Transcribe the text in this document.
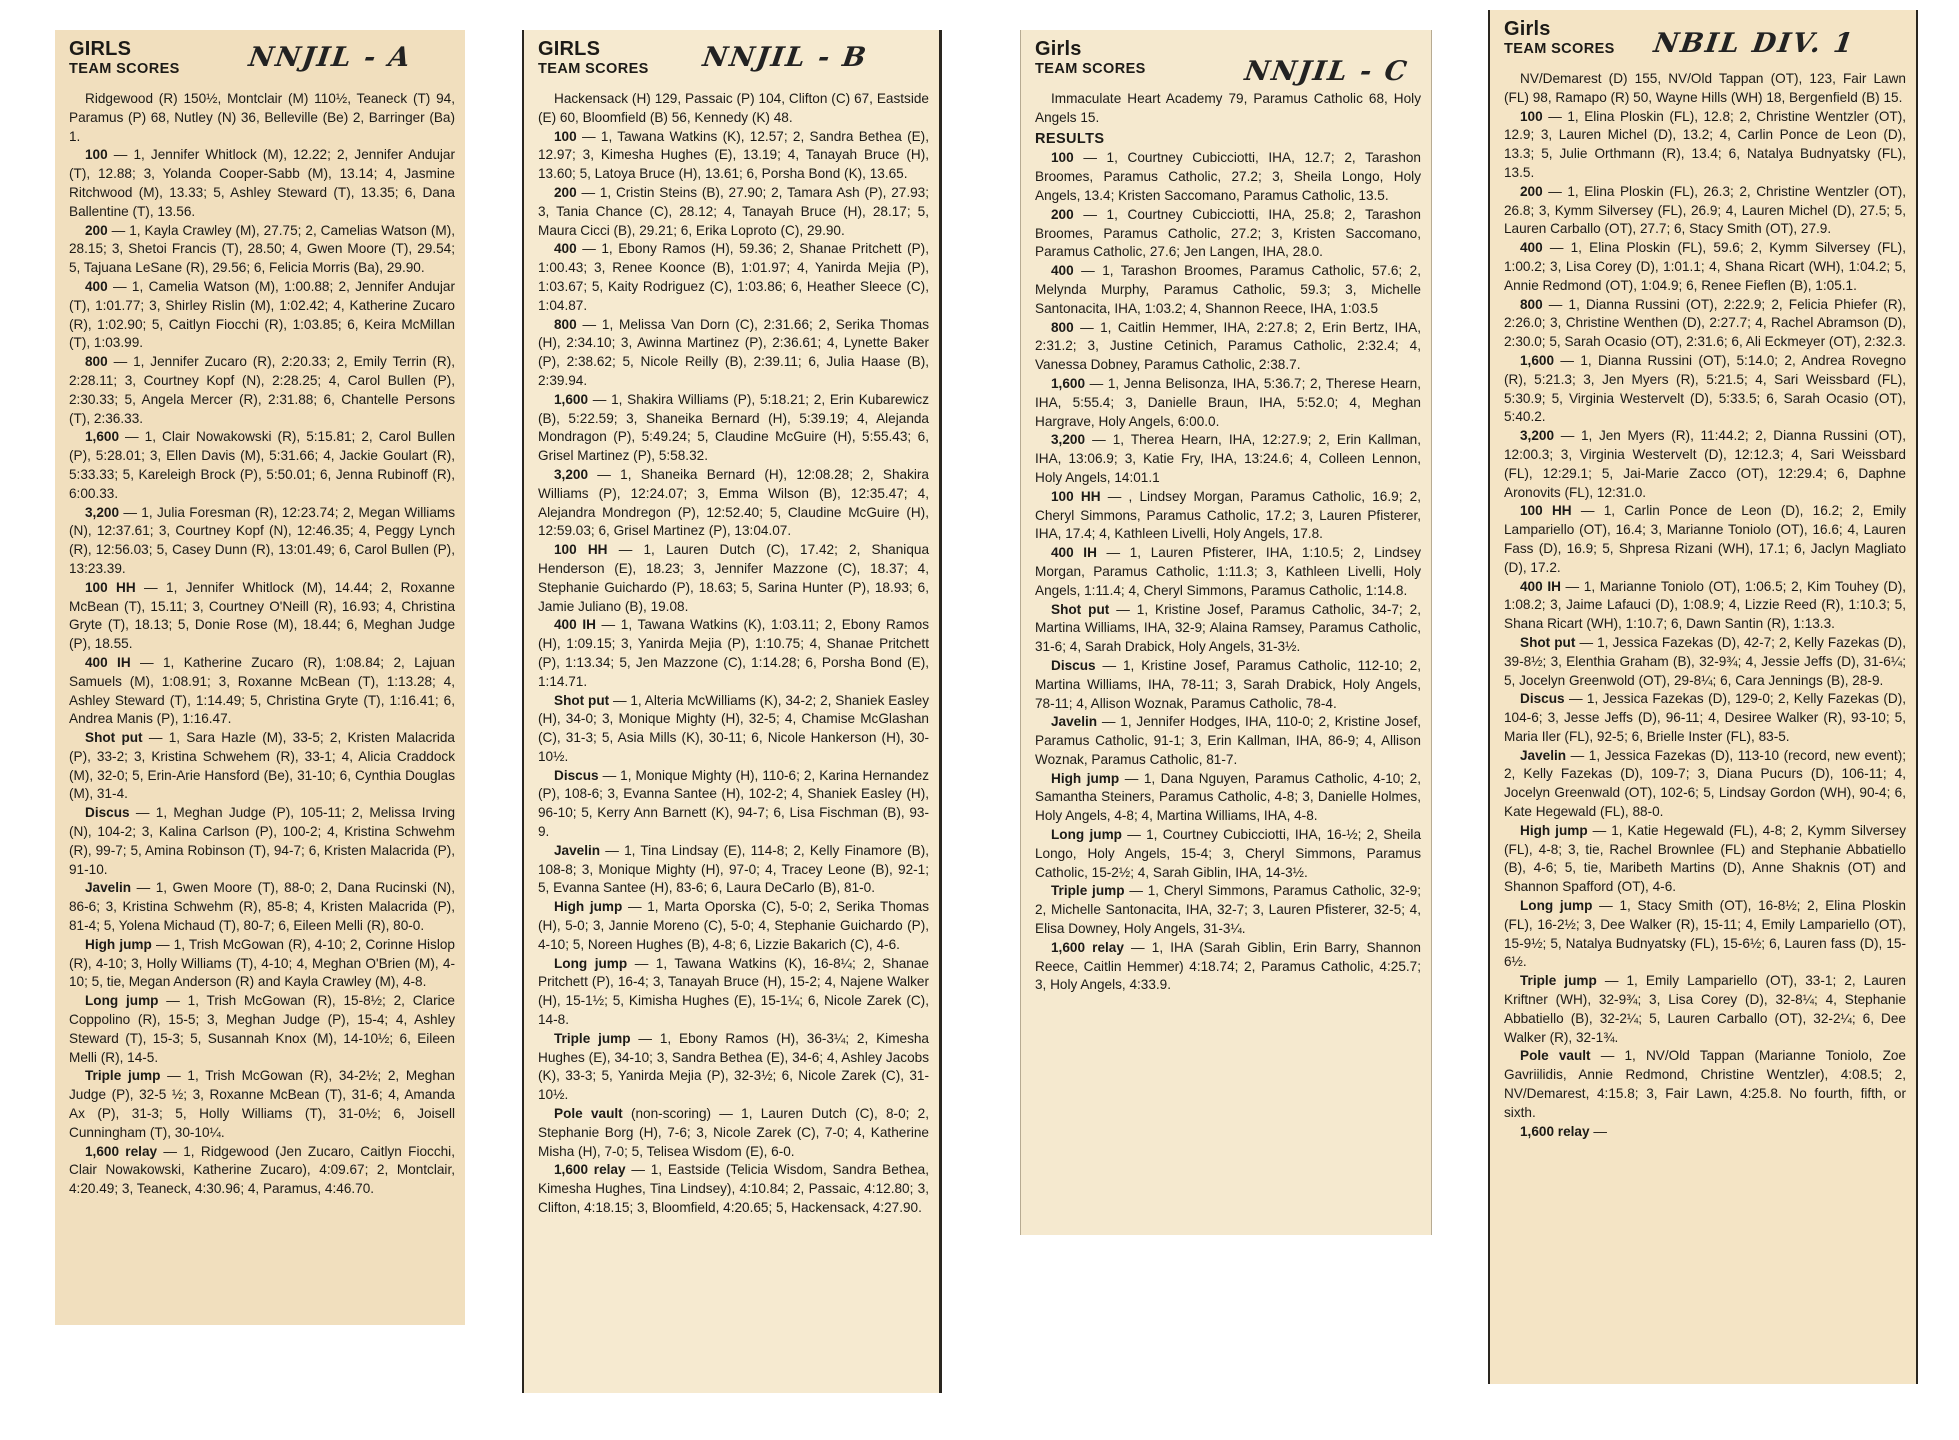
GIRLS
TEAM SCORES	NNJIL - A

Ridgewood (R) 150½, Montclair (M) 110½, Teaneck (T) 94, Paramus (P) 68, Nutley (N) 36, Belleville (Be) 2, Barringer (Ba) 1.

100 — 1, Jennifer Whitlock (M), 12.22; 2, Jennifer Andujar (T), 12.88; 3, Yolanda Cooper-Sabb (M), 13.14; 4, Jasmine Ritchwood (M), 13.33; 5, Ashley Steward (T), 13.35; 6, Dana Ballentine (T), 13.56.

200 — 1, Kayla Crawley (M), 27.75; 2, Camelias Watson (M), 28.15; 3, Shetoi Francis (T), 28.50; 4, Gwen Moore (T), 29.54; 5, Tajuana LeSane (R), 29.56; 6, Felicia Morris (Ba), 29.90.

400 — 1, Camelia Watson (M), 1:00.88; 2, Jennifer Andujar (T), 1:01.77; 3, Shirley Rislin (M), 1:02.42; 4, Katherine Zucaro (R), 1:02.90; 5, Caitlyn Fiocchi (R), 1:03.85; 6, Keira McMillan (T), 1:03.99.

800 — 1, Jennifer Zucaro (R), 2:20.33; 2, Emily Terrin (R), 2:28.11; 3, Courtney Kopf (N), 2:28.25; 4, Carol Bullen (P), 2:30.33; 5, Angela Mercer (R), 2:31.88; 6, Chantelle Persons (T), 2:36.33.

1,600 — 1, Clair Nowakowski (R), 5:15.81; 2, Carol Bullen (P), 5:28.01; 3, Ellen Davis (M), 5:31.66; 4, Jackie Goulart (R), 5:33.33; 5, Kareleigh Brock (P), 5:50.01; 6, Jenna Rubinoff (R), 6:00.33.

3,200 — 1, Julia Foresman (R), 12:23.74; 2, Megan Williams (N), 12:37.61; 3, Courtney Kopf (N), 12:46.35; 4, Peggy Lynch (R), 12:56.03; 5, Casey Dunn (R), 13:01.49; 6, Carol Bullen (P), 13:23.39.

100 HH — 1, Jennifer Whitlock (M), 14.44; 2, Roxanne McBean (T), 15.11; 3, Courtney O'Neill (R), 16.93; 4, Christina Gryte (T), 18.13; 5, Donie Rose (M), 18.44; 6, Meghan Judge (P), 18.55.

400 IH — 1, Katherine Zucaro (R), 1:08.84; 2, Lajuan Samuels (M), 1:08.91; 3, Roxanne McBean (T), 1:13.28; 4, Ashley Steward (T), 1:14.49; 5, Christina Gryte (T), 1:16.41; 6, Andrea Manis (P), 1:16.47.

Shot put — 1, Sara Hazle (M), 33-5; 2, Kristen Malacrida (P), 33-2; 3, Kristina Schwehem (R), 33-1; 4, Alicia Craddock (M), 32-0; 5, Erin-Arie Hansford (Be), 31-10; 6, Cynthia Douglas (M), 31-4.

Discus — 1, Meghan Judge (P), 105-11; 2, Melissa Irving (N), 104-2; 3, Kalina Carlson (P), 100-2; 4, Kristina Schwehm (R), 99-7; 5, Amina Robinson (T), 94-7; 6, Kristen Malacrida (P), 91-10.

Javelin — 1, Gwen Moore (T), 88-0; 2, Dana Rucinski (N), 86-6; 3, Kristina Schwehm (R), 85-8; 4, Kristen Malacrida (P), 81-4; 5, Yolena Michaud (T), 80-7; 6, Eileen Melli (R), 80-0.

High jump — 1, Trish McGowan (R), 4-10; 2, Corinne Hislop (R), 4-10; 3, Holly Williams (T), 4-10; 4, Meghan O'Brien (M), 4-10; 5, tie, Megan Anderson (R) and Kayla Crawley (M), 4-8.

Long jump — 1, Trish McGowan (R), 15-8½; 2, Clarice Coppolino (R), 15-5; 3, Meghan Judge (P), 15-4; 4, Ashley Steward (T), 15-3; 5, Susannah Knox (M), 14-10½; 6, Eileen Melli (R), 14-5.

Triple jump — 1, Trish McGowan (R), 34-2½; 2, Meghan Judge (P), 32-5 ½; 3, Roxanne McBean (T), 31-6; 4, Amanda Ax (P), 31-3; 5, Holly Williams (T), 31-0½; 6, Joisell Cunningham (T), 30-10¼.

1,600 relay — 1, Ridgewood (Jen Zucaro, Caitlyn Fiocchi, Clair Nowakowski, Katherine Zucaro), 4:09.67; 2, Montclair, 4:20.49; 3, Teaneck, 4:30.96; 4, Paramus, 4:46.70.

GIRLS
TEAM SCORES	NNJIL - B

Hackensack (H) 129, Passaic (P) 104, Clifton (C) 67, Eastside (E) 60, Bloomfield (B) 56, Kennedy (K) 48.

100 — 1, Tawana Watkins (K), 12.57; 2, Sandra Bethea (E), 12.97; 3, Kimesha Hughes (E), 13.19; 4, Tanayah Bruce (H), 13.60; 5, Latoya Bruce (H), 13.61; 6, Porsha Bond (K), 13.65.

200 — 1, Cristin Steins (B), 27.90; 2, Tamara Ash (P), 27.93; 3, Tania Chance (C), 28.12; 4, Tanayah Bruce (H), 28.17; 5, Maura Cicci (B), 29.21; 6, Erika Loproto (C), 29.90.

400 — 1, Ebony Ramos (H), 59.36; 2, Shanae Pritchett (P), 1:00.43; 3, Renee Koonce (B), 1:01.97; 4, Yanirda Mejia (P), 1:03.67; 5, Kaity Rodriguez (C), 1:03.86; 6, Heather Sleece (C), 1:04.87.

800 — 1, Melissa Van Dorn (C), 2:31.66; 2, Serika Thomas (H), 2:34.10; 3, Awinna Martinez (P), 2:36.61; 4, Lynette Baker (P), 2:38.62; 5, Nicole Reilly (B), 2:39.11; 6, Julia Haase (B), 2:39.94.

1,600 — 1, Shakira Williams (P), 5:18.21; 2, Erin Kubarewicz (B), 5:22.59; 3, Shaneika Bernard (H), 5:39.19; 4, Alejanda Mondragon (P), 5:49.24; 5, Claudine McGuire (H), 5:55.43; 6, Grisel Martinez (P), 5:58.32.

3,200 — 1, Shaneika Bernard (H), 12:08.28; 2, Shakira Williams (P), 12:24.07; 3, Emma Wilson (B), 12:35.47; 4, Alejandra Mondregon (P), 12:52.40; 5, Claudine McGuire (H), 12:59.03; 6, Grisel Martinez (P), 13:04.07.

100 HH — 1, Lauren Dutch (C), 17.42; 2, Shaniqua Henderson (E), 18.23; 3, Jennifer Mazzone (C), 18.37; 4, Stephanie Guichardo (P), 18.63; 5, Sarina Hunter (P), 18.93; 6, Jamie Juliano (B), 19.08.

400 IH — 1, Tawana Watkins (K), 1:03.11; 2, Ebony Ramos (H), 1:09.15; 3, Yanirda Mejia (P), 1:10.75; 4, Shanae Pritchett (P), 1:13.34; 5, Jen Mazzone (C), 1:14.28; 6, Porsha Bond (E), 1:14.71.

Shot put — 1, Alteria McWilliams (K), 34-2; 2, Shaniek Easley (H), 34-0; 3, Monique Mighty (H), 32-5; 4, Chamise McGlashan (C), 31-3; 5, Asia Mills (K), 30-11; 6, Nicole Hankerson (H), 30-10½.

Discus — 1, Monique Mighty (H), 110-6; 2, Karina Hernandez (P), 108-6; 3, Evanna Santee (H), 102-2; 4, Shaniek Easley (H), 96-10; 5, Kerry Ann Barnett (K), 94-7; 6, Lisa Fischman (B), 93-9.

Javelin — 1, Tina Lindsay (E), 114-8; 2, Kelly Finamore (B), 108-8; 3, Monique Mighty (H), 97-0; 4, Tracey Leone (B), 92-1; 5, Evanna Santee (H), 83-6; 6, Laura DeCarlo (B), 81-0.

High jump — 1, Marta Oporska (C), 5-0; 2, Serika Thomas (H), 5-0; 3, Jannie Moreno (C), 5-0; 4, Stephanie Guichardo (P), 4-10; 5, Noreen Hughes (B), 4-8; 6, Lizzie Bakarich (C), 4-6.

Long jump — 1, Tawana Watkins (K), 16-8¼; 2, Shanae Pritchett (P), 16-4; 3, Tanayah Bruce (H), 15-2; 4, Najene Walker (H), 15-1½; 5, Kimisha Hughes (E), 15-1¼; 6, Nicole Zarek (C), 14-8.

Triple jump — 1, Ebony Ramos (H), 36-3¼; 2, Kimesha Hughes (E), 34-10; 3, Sandra Bethea (E), 34-6; 4, Ashley Jacobs (K), 33-3; 5, Yanirda Mejia (P), 32-3½; 6, Nicole Zarek (C), 31-10½.

Pole vault (non-scoring) — 1, Lauren Dutch (C), 8-0; 2, Stephanie Borg (H), 7-6; 3, Nicole Zarek (C), 7-0; 4, Katherine Misha (H), 7-0; 5, Telisea Wisdom (E), 6-0.

1,600 relay — 1, Eastside (Telicia Wisdom, Sandra Bethea, Kimesha Hughes, Tina Lindsey), 4:10.84; 2, Passaic, 4:12.80; 3, Clifton, 4:18.15; 3, Bloomfield, 4:20.65; 5, Hackensack, 4:27.90.

Girls
TEAM SCORES	NNJIL - C

Immaculate Heart Academy 79, Paramus Catholic 68, Holy Angels 15.

RESULTS

100 — 1, Courtney Cubicciotti, IHA, 12.7; 2, Tarashon Broomes, Paramus Catholic, 27.2; 3, Sheila Longo, Holy Angels, 13.4; Kristen Saccomano, Paramus Catholic, 13.5.

200 — 1, Courtney Cubicciotti, IHA, 25.8; 2, Tarashon Broomes, Paramus Catholic, 27.2; 3, Kristen Saccomano, Paramus Catholic, 27.6; Jen Langen, IHA, 28.0.

400 — 1, Tarashon Broomes, Paramus Catholic, 57.6; 2, Melynda Murphy, Paramus Catholic, 59.3; 3, Michelle Santonacita, IHA, 1:03.2; 4, Shannon Reece, IHA, 1:03.5

800 — 1, Caitlin Hemmer, IHA, 2:27.8; 2, Erin Bertz, IHA, 2:31.2; 3, Justine Cetinich, Paramus Catholic, 2:32.4; 4, Vanessa Dobney, Paramus Catholic, 2:38.7.

1,600 — 1, Jenna Belisonza, IHA, 5:36.7; 2, Therese Hearn, IHA, 5:55.4; 3, Danielle Braun, IHA, 5:52.0; 4, Meghan Hargrave, Holy Angels, 6:00.0.

3,200 — 1, Therea Hearn, IHA, 12:27.9; 2, Erin Kallman, IHA, 13:06.9; 3, Katie Fry, IHA, 13:24.6; 4, Colleen Lennon, Holy Angels, 14:01.1

100 HH — , Lindsey Morgan, Paramus Catholic, 16.9; 2, Cheryl Simmons, Paramus Catholic, 17.2; 3, Lauren Pfisterer, IHA, 17.4; 4, Kathleen Livelli, Holy Angels, 17.8.

400 IH — 1, Lauren Pfisterer, IHA, 1:10.5; 2, Lindsey Morgan, Paramus Catholic, 1:11.3; 3, Kathleen Livelli, Holy Angels, 1:11.4; 4, Cheryl Simmons, Paramus Catholic, 1:14.8.

Shot put — 1, Kristine Josef, Paramus Catholic, 34-7; 2, Martina Williams, IHA, 32-9; Alaina Ramsey, Paramus Catholic, 31-6; 4, Sarah Drabick, Holy Angels, 31-3½.

Discus — 1, Kristine Josef, Paramus Catholic, 112-10; 2, Martina Williams, IHA, 78-11; 3, Sarah Drabick, Holy Angels, 78-11; 4, Allison Woznak, Paramus Catholic, 78-4.

Javelin — 1, Jennifer Hodges, IHA, 110-0; 2, Kristine Josef, Paramus Catholic, 91-1; 3, Erin Kallman, IHA, 86-9; 4, Allison Woznak, Paramus Catholic, 81-7.

High jump — 1, Dana Nguyen, Paramus Catholic, 4-10; 2, Samantha Steiners, Paramus Catholic, 4-8; 3, Danielle Holmes, Holy Angels, 4-8; 4, Martina Williams, IHA, 4-8.

Long jump — 1, Courtney Cubicciotti, IHA, 16-½; 2, Sheila Longo, Holy Angels, 15-4; 3, Cheryl Simmons, Paramus Catholic, 15-2½; 4, Sarah Giblin, IHA, 14-3½.

Triple jump — 1, Cheryl Simmons, Paramus Catholic, 32-9; 2, Michelle Santonacita, IHA, 32-7; 3, Lauren Pfisterer, 32-5; 4, Elisa Downey, Holy Angels, 31-3¼.

1,600 relay — 1, IHA (Sarah Giblin, Erin Barry, Shannon Reece, Caitlin Hemmer) 4:18.74; 2, Paramus Catholic, 4:25.7; 3, Holy Angels, 4:33.9.

Girls
TEAM SCORES	NBIL DIV. 1

NV/Demarest (D) 155, NV/Old Tappan (OT), 123, Fair Lawn (FL) 98, Ramapo (R) 50, Wayne Hills (WH) 18, Bergenfield (B) 15.

100 — 1, Elina Ploskin (FL), 12.8; 2, Christine Wentzler (OT), 12.9; 3, Lauren Michel (D), 13.2; 4, Carlin Ponce de Leon (D), 13.3; 5, Julie Orthmann (R), 13.4; 6, Natalya Budnyatsky (FL), 13.5.

200 — 1, Elina Ploskin (FL), 26.3; 2, Christine Wentzler (OT), 26.8; 3, Kymm Silversey (FL), 26.9; 4, Lauren Michel (D), 27.5; 5, Lauren Carballo (OT), 27.7; 6, Stacy Smith (OT), 27.9.

400 — 1, Elina Ploskin (FL), 59.6; 2, Kymm Silversey (FL), 1:00.2; 3, Lisa Corey (D), 1:01.1; 4, Shana Ricart (WH), 1:04.2; 5, Annie Redmond (OT), 1:04.9; 6, Renee Fieflen (B), 1:05.1.

800 — 1, Dianna Russini (OT), 2:22.9; 2, Felicia Phiefer (R), 2:26.0; 3, Christine Wenthen (D), 2:27.7; 4, Rachel Abramson (D), 2:30.0; 5, Sarah Ocasio (OT), 2:31.6; 6, Ali Eckmeyer (OT), 2:32.3.

1,600 — 1, Dianna Russini (OT), 5:14.0; 2, Andrea Rovegno (R), 5:21.3; 3, Jen Myers (R), 5:21.5; 4, Sari Weissbard (FL), 5:30.9; 5, Virginia Westervelt (D), 5:33.5; 6, Sarah Ocasio (OT), 5:40.2.

3,200 — 1, Jen Myers (R), 11:44.2; 2, Dianna Russini (OT), 12:00.3; 3, Virginia Westervelt (D), 12:12.3; 4, Sari Weissbard (FL), 12:29.1; 5, Jai-Marie Zacco (OT), 12:29.4; 6, Daphne Aronovits (FL), 12:31.0.

100 HH — 1, Carlin Ponce de Leon (D), 16.2; 2, Emily Lampariello (OT), 16.4; 3, Marianne Toniolo (OT), 16.6; 4, Lauren Fass (D), 16.9; 5, Shpresa Rizani (WH), 17.1; 6, Jaclyn Magliato (D), 17.2.

400 IH — 1, Marianne Toniolo (OT), 1:06.5; 2, Kim Touhey (D), 1:08.2; 3, Jaime Lafauci (D), 1:08.9; 4, Lizzie Reed (R), 1:10.3; 5, Shana Ricart (WH), 1:10.7; 6, Dawn Santin (R), 1:13.3.

Shot put — 1, Jessica Fazekas (D), 42-7; 2, Kelly Fazekas (D), 39-8½; 3, Elenthia Graham (B), 32-9¾; 4, Jessie Jeffs (D), 31-6¼; 5, Jocelyn Greenwold (OT), 29-8¼; 6, Cara Jennings (B), 28-9.

Discus — 1, Jessica Fazekas (D), 129-0; 2, Kelly Fazekas (D), 104-6; 3, Jesse Jeffs (D), 96-11; 4, Desiree Walker (R), 93-10; 5, Maria Iler (FL), 92-5; 6, Brielle Inster (FL), 83-5.

Javelin — 1, Jessica Fazekas (D), 113-10 (record, new event); 2, Kelly Fazekas (D), 109-7; 3, Diana Pucurs (D), 106-11; 4, Jocelyn Greenwald (OT), 102-6; 5, Lindsay Gordon (WH), 90-4; 6, Kate Hegewald (FL), 88-0.

High jump — 1, Katie Hegewald (FL), 4-8; 2, Kymm Silversey (FL), 4-8; 3, tie, Rachel Brownlee (FL) and Stephanie Abbatiello (B), 4-6; 5, tie, Maribeth Martins (D), Anne Shaknis (OT) and Shannon Spafford (OT), 4-6.

Long jump — 1, Stacy Smith (OT), 16-8½; 2, Elina Ploskin (FL), 16-2½; 3, Dee Walker (R), 15-11; 4, Emily Lampariello (OT), 15-9½; 5, Natalya Budnyatsky (FL), 15-6½; 6, Lauren fass (D), 15-6½.

Triple jump — 1, Emily Lampariello (OT), 33-1; 2, Lauren Kriftner (WH), 32-9¾; 3, Lisa Corey (D), 32-8¼; 4, Stephanie Abbatiello (B), 32-2¼; 5, Lauren Carballo (OT), 32-2¼; 6, Dee Walker (R), 32-1¾.

Pole vault — 1, NV/Old Tappan (Marianne Toniolo, Zoe Gavriilidis, Annie Redmond, Christine Wentzler), 4:08.5; 2, NV/Demarest, 4:15.8; 3, Fair Lawn, 4:25.8. No fourth, fifth, or sixth.

1,600 relay —
